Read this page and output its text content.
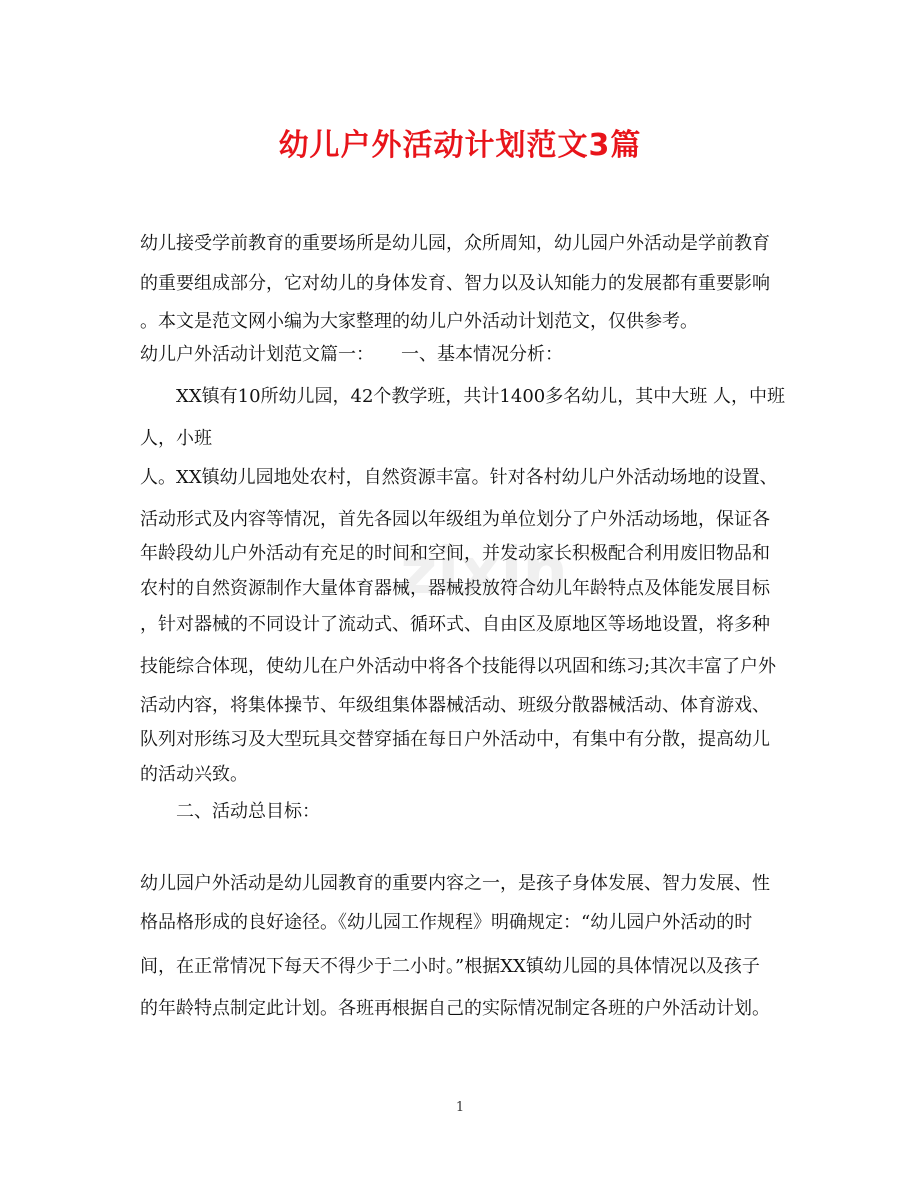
幼儿户外活动计划范文3篇
zixin
幼儿接受学前教育的重要场所是幼儿园，众所周知，幼儿园户外活动是学前教育
的重要组成部分，它对幼儿的身体发育、智力以及认知能力的发展都有重要影响
。本文是范文网小编为大家整理的幼儿户外活动计划范文，仅供参考。
幼儿户外活动计划范文篇一：　　一、基本情况分析：
　　XX镇有10所幼儿园，42个教学班，共计1400多名幼儿，其中大班 人，中班
人，小班
人。XX镇幼儿园地处农村，自然资源丰富。针对各村幼儿户外活动场地的设置、
活动形式及内容等情况，首先各园以年级组为单位划分了户外活动场地，保证各
年龄段幼儿户外活动有充足的时间和空间，并发动家长积极配合利用废旧物品和
农村的自然资源制作大量体育器械，器械投放符合幼儿年龄特点及体能发展目标
，针对器械的不同设计了流动式、循环式、自由区及原地区等场地设置，将多种
技能综合体现，使幼儿在户外活动中将各个技能得以巩固和练习;其次丰富了户外
活动内容，将集体操节、年级组集体器械活动、班级分散器械活动、体育游戏、
队列对形练习及大型玩具交替穿插在每日户外活动中，有集中有分散，提高幼儿
的活动兴致。
　　二、活动总目标：
幼儿园户外活动是幼儿园教育的重要内容之一，是孩子身体发展、智力发展、性
格品格形成的良好途径。《幼儿园工作规程》明确规定：“幼儿园户外活动的时
间，在正常情况下每天不得少于二小时。”根据XX镇幼儿园的具体情况以及孩子
的年龄特点制定此计划。各班再根据自己的实际情况制定各班的户外活动计划。
1
